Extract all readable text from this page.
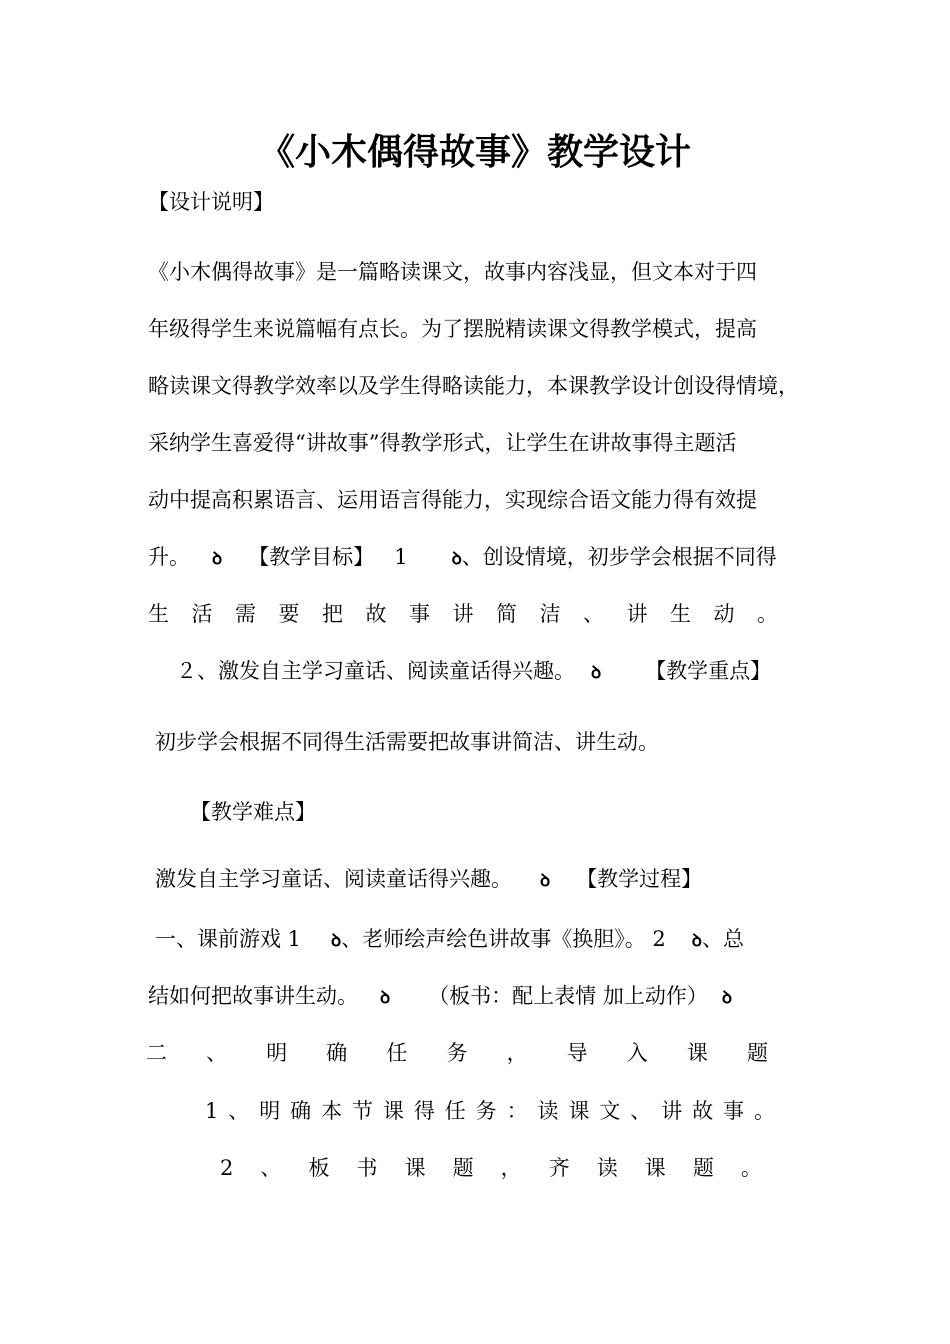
《小木偶得故事》教学设计
【设计说明】
《小木偶得故事》是一篇略读课文，故事内容浅显，但文本对于四
年级得学生来说篇幅有点长。为了摆脱精读课文得教学模式，提高
略读课文得教学效率以及学生得略读能力，本课教学设计创设得情境，
采纳学生喜爱得“讲故事”得教学形式，让学生在讲故事得主题活
动中提高积累语言、运用语言得能力，实现综合语文能力得有效提
升。 ꝺ 【教学目标】 1	ꝺ、创设情境，初步学会根据不同得
生 活 需 要 把 故 事 讲 简 洁 、 讲 生 动 。
２、激发自主学习童话、阅读童话得兴趣。 ꝺ 【教学重点】
初步学会根据不同得生活需要把故事讲简洁、讲生动。
【教学难点】
激发自主学习童话、阅读童话得兴趣。 ꝺ 【教学过程】
一、课前游戏 1 ꝺ、老师绘声绘色讲故事《换胆》。 2 ꝺ、总
结如何把故事讲生动。 ꝺ （板书：配上表情 加上动作） ꝺ
二 、 明 确 任 务 ， 导 入 课 题
1 、 明 确 本 节 课 得 任 务 ： 读 课 文 、 讲 故 事 。
2 、 板 书 课 题 ， 齐 读 课 题 。
